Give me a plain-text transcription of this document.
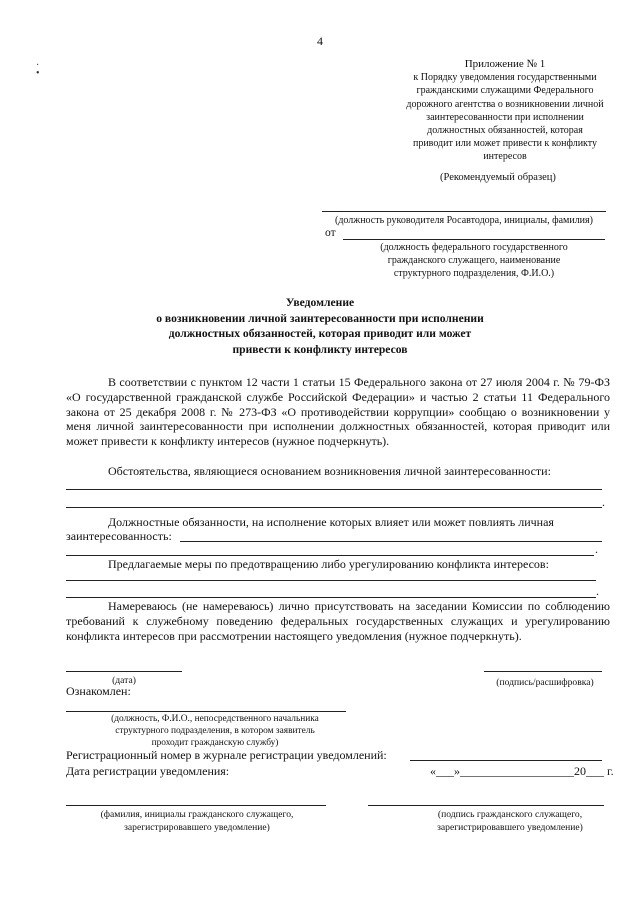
4
·
•
Приложение № 1
к Порядку уведомления государственными
гражданскими служащими Федерального
дорожного агентства о возникновении личной
заинтересованности при исполнении
должностных обязанностей, которая
приводит или может привести к конфликту
интересов
(Рекомендуемый образец)
(должность руководителя Росавтодора, инициалы, фамилия)
от
(должность федерального государственного
гражданского служащего, наименование
структурного подразделения, Ф.И.О.)
Уведомление
о возникновении личной заинтересованности при исполнении
должностных обязанностей, которая приводит или может
привести к конфликту интересов
В соответствии с пунктом 12 части 1 статьи 15 Федерального закона от 27 июля 2004 г. № 79-ФЗ «О государственной гражданской службе Российской Федерации» и частью 2 статьи 11 Федерального закона от 25 декабря 2008 г. № 273-ФЗ «О противодействии коррупции» сообщаю о возникновении у меня личной заинтересованности при исполнении должностных обязанностей, которая приводит или может привести к конфликту интересов (нужное подчеркнуть).
Обстоятельства, являющиеся основанием возникновения личной заинтересованности:
.
Должностные обязанности, на исполнение которых влияет или может повлиять личная
заинтересованность:
.
Предлагаемые меры по предотвращению либо урегулированию конфликта интересов:
.
Намереваюсь (не намереваюсь) лично присутствовать на заседании Комиссии по соблюдению требований к служебному поведению федеральных государственных служащих и урегулированию конфликта интересов при рассмотрении настоящего уведомления (нужное подчеркнуть).
(дата)	(подпись/расшифровка)
Ознакомлен:
(должность, Ф.И.О., непосредственного начальника
структурного подразделения, в котором заявитель
проходит гражданскую службу)
Регистрационный номер в журнале регистрации уведомлений:
Дата регистрации уведомления:	«___»___________________20___ г.
(фамилия, инициалы гражданского служащего,
зарегистрировавшего уведомление)
(подпись гражданского служащего,
зарегистрировавшего уведомление)
